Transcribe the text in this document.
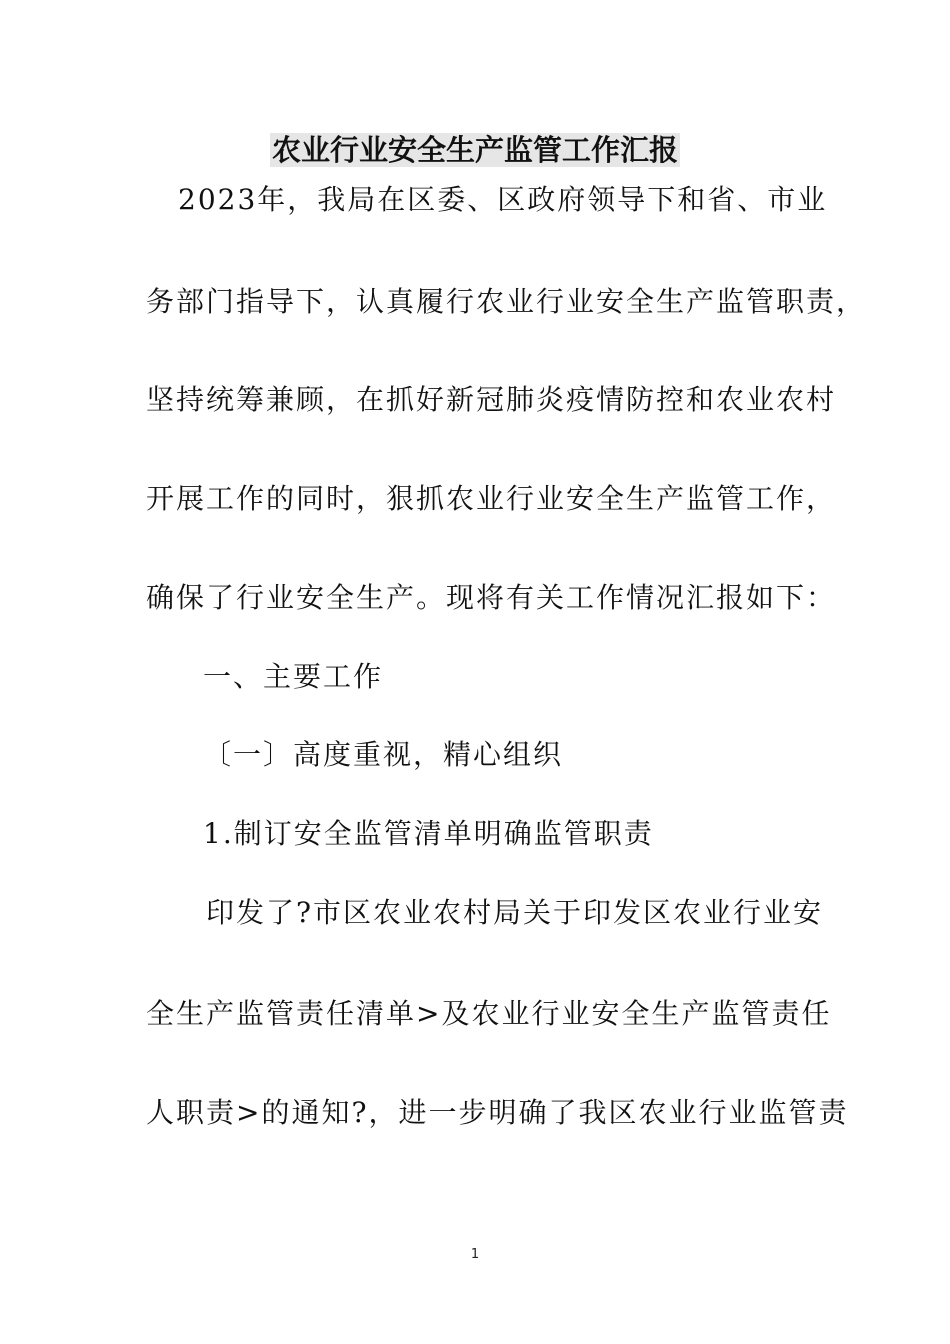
农业行业安全生产监管工作汇报
2023年，我局在区委、区政府领导下和省、市业
务部门指导下，认真履行农业行业安全生产监管职责，
坚持统筹兼顾，在抓好新冠肺炎疫情防控和农业农村
开展工作的同时，狠抓农业行业安全生产监管工作，
确保了行业安全生产。现将有关工作情况汇报如下：
一、主要工作
〔一〕高度重视，精心组织
1.制订安全监管清单明确监管职责
印发了?市区农业农村局关于印发区农业行业安
全生产监管责任清单>及农业行业安全生产监管责任
人职责>的通知?，进一步明确了我区农业行业监管责
1
